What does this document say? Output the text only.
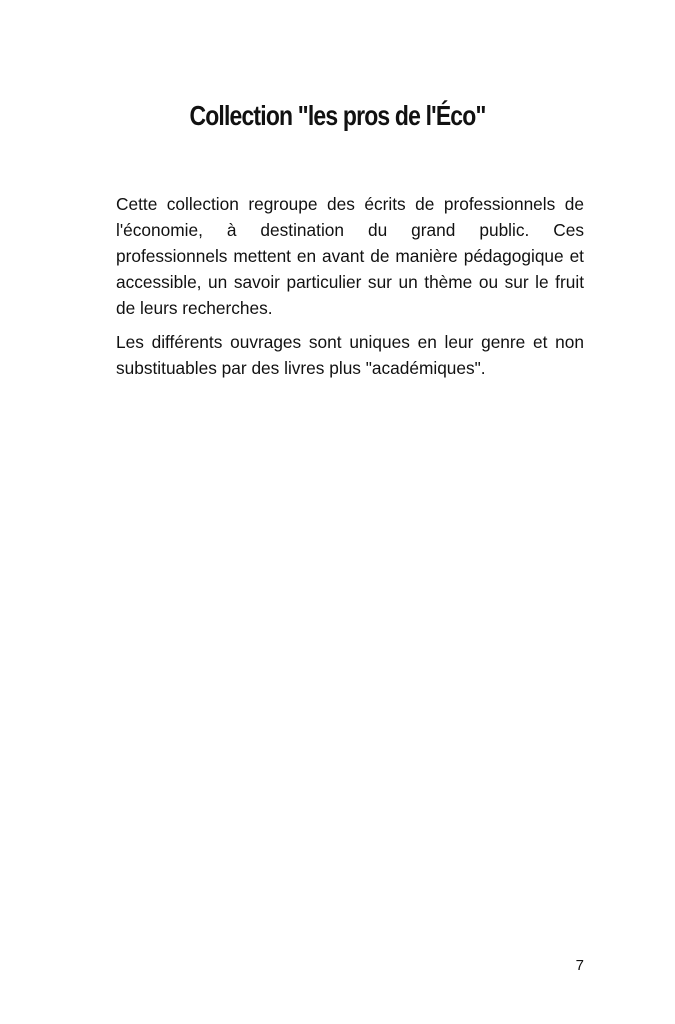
Collection "les pros de l'Éco"

Cette collection regroupe des écrits de professionnels de l'économie, à destination du grand public. Ces professionnels mettent en avant de manière pédagogique et accessible, un savoir particulier sur un thème ou sur le fruit de leurs recherches.

Les différents ouvrages sont uniques en leur genre et non substituables par des livres plus "académiques".

7
